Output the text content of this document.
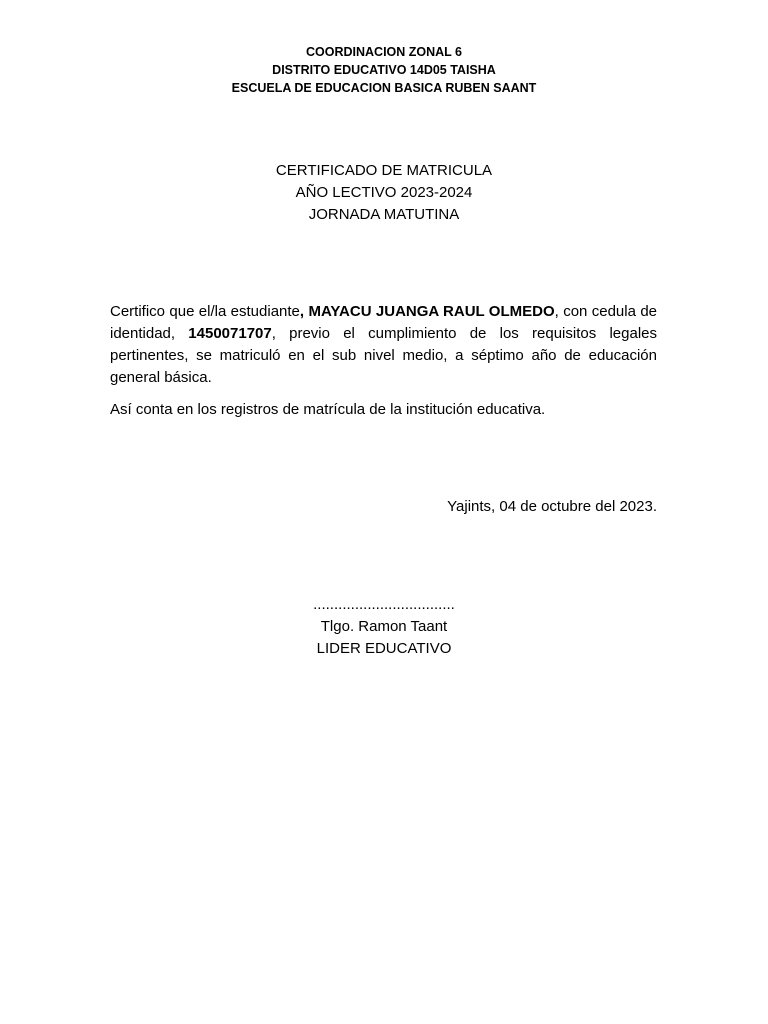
COORDINACION ZONAL 6
DISTRITO EDUCATIVO 14D05 TAISHA
ESCUELA DE EDUCACION BASICA RUBEN SAANT
CERTIFICADO DE MATRICULA
AÑO LECTIVO 2023-2024
JORNADA MATUTINA

Certifico que el/la estudiante, MAYACU JUANGA RAUL OLMEDO, con cedula de identidad, 1450071707, previo el cumplimiento de los requisitos legales pertinentes, se matriculó en el sub nivel medio, a séptimo año de educación general básica.

Así conta en los registros de matrícula de la institución educativa.

Yajints, 04 de octubre del 2023.
..................................
Tlgo. Ramon Taant
LIDER EDUCATIVO
